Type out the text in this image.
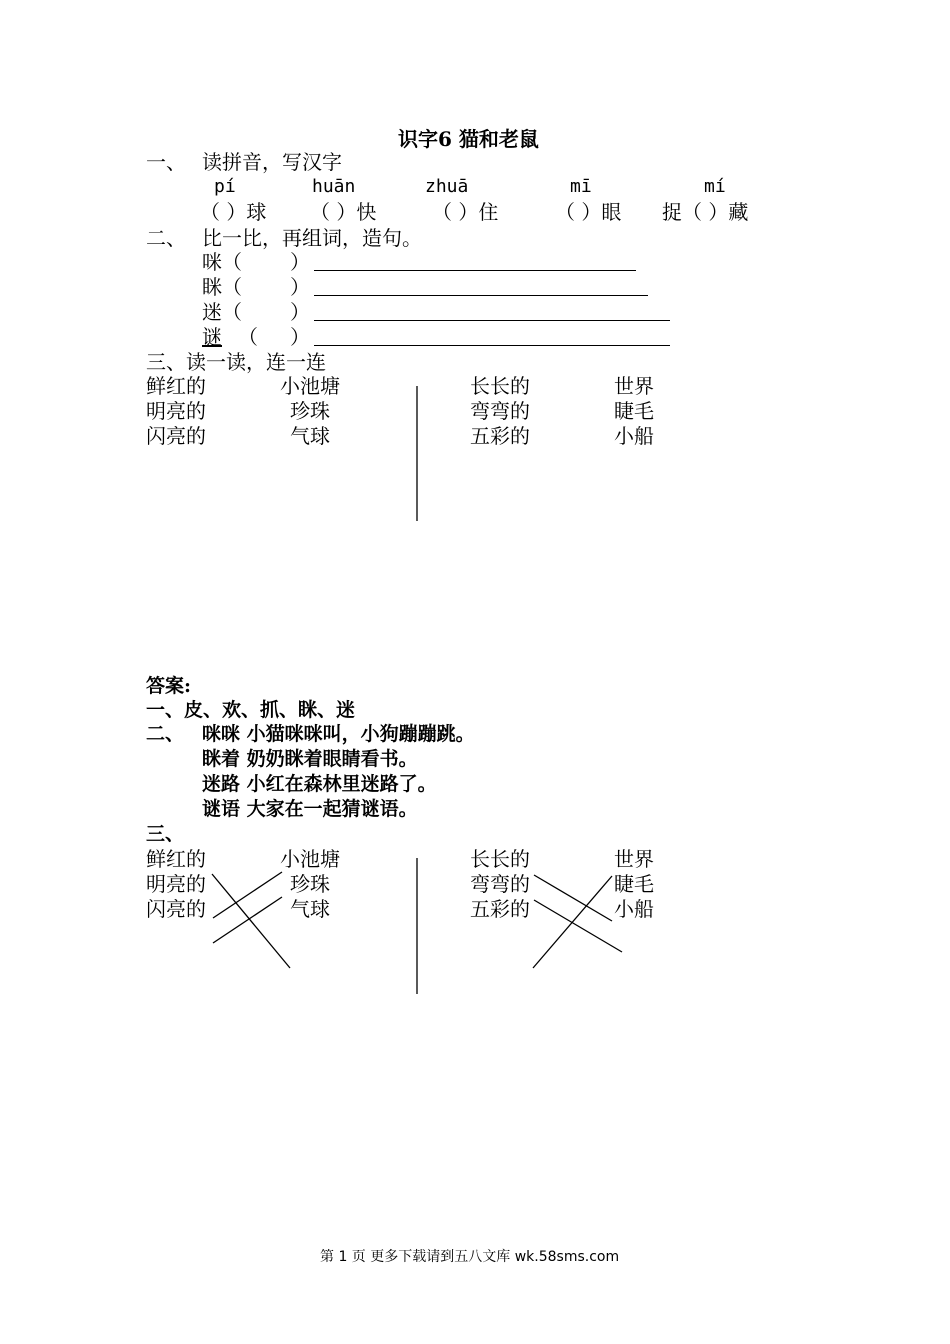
识字6 猫和老鼠
一、 读拼音，写汉字
pí	huān	zhuā	mī	mí
（ ）球 （ ）快	（ ）住	（ ）眼 捉（ ）藏
二、 比一比，再组词，造句。
咪（ ）
眯（ ）
迷（ ）
谜 （ ）
三、读一读，连一连
鲜红的
明亮的
闪亮的
小池塘
珍珠
气球
长长的
弯弯的
五彩的
世界
睫毛
小船
答案:
一、皮、欢、抓、眯、迷
二、 咪咪 小猫咪咪叫，小狗蹦蹦跳。
眯着 奶奶眯着眼睛看书。
迷路 小红在森林里迷路了。
谜语 大家在一起猜谜语。
三、
鲜红的
明亮的
闪亮的
小池塘
珍珠
气球
长长的
弯弯的
五彩的
世界
睫毛
小船
第 1 页 更多下载请到五八文库 wk.58sms.com
